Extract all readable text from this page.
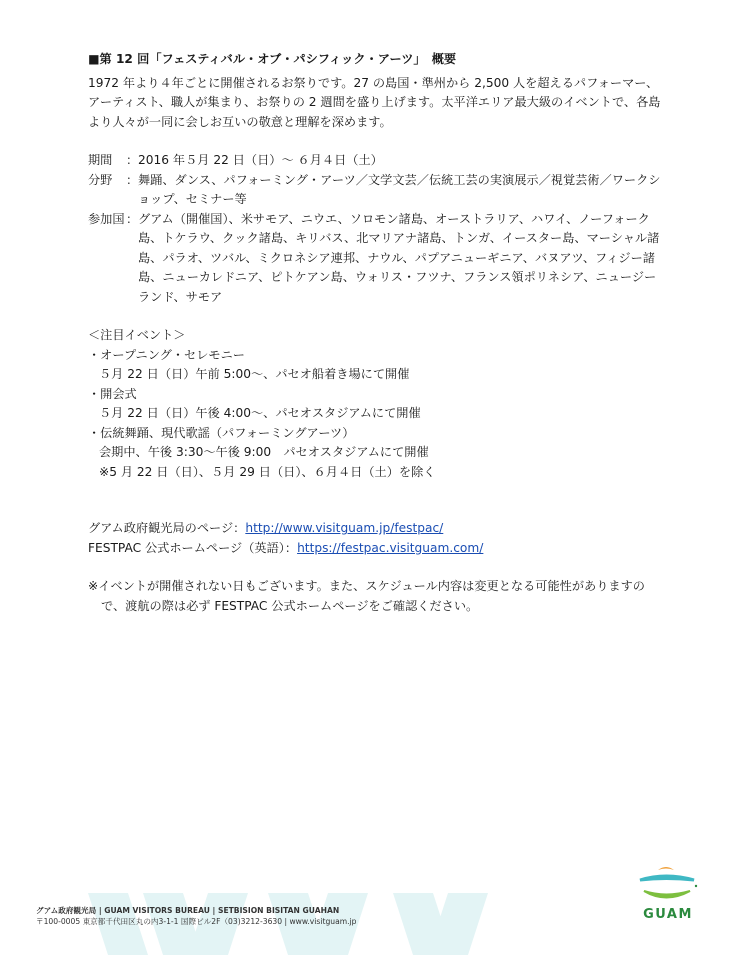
■第 12 回「フェスティバル・オブ・パシフィック・アーツ」　概要

1972 年より４年ごとに開催されるお祭りです。27 の島国・準州から 2,500 人を超えるパフォーマー、アーティスト、職人が集まり、お祭りの 2 週間を盛り上げます。太平洋エリア最大級のイベントで、各島より人々が一同に会しお互いの敬意と理解を深めます。

期間	： 2016 年５月 22 日（日）～ ６月４日（土）
分野	： 舞踊、ダンス、パフォーミング・アーツ／文学文芸／伝統工芸の実演展示／視覚芸術／ワークショップ、セミナー等
参加国 ： グアム（開催国）、米サモア、ニウエ、ソロモン諸島、オーストラリア、ハワイ、ノーフォーク島、トケラウ、クック諸島、キリバス、北マリアナ諸島、トンガ、イースター島、マーシャル諸島、パラオ、ツバル、ミクロネシア連邦、ナウル、パプアニューギニア、バヌアツ、フィジー諸島、ニューカレドニア、ピトケアン島、ウォリス・フツナ、フランス領ポリネシア、ニュージーランド、サモア
＜注目イベント＞
・オープニング・セレモニー
５月 22 日（日）午前 5:00～、パセオ船着き場にて開催
・開会式
５月 22 日（日）午後 4:00～、パセオスタジアムにて開催
・伝統舞踊、現代歌謡（パフォーミングアーツ）
会期中、午後 3:30～午後 9:00　パセオスタジアムにて開催
※5 月 22 日（日）、５月 29 日（日）、６月４日（土）を除く
グアム政府観光局のページ：http://www.visitguam.jp/festpac/
FESTPAC 公式ホームページ（英語）：https://festpac.visitguam.com/
※イベントが開催されない日もございます。また、スケジュール内容は変更となる可能性がありますので、渡航の際は必ず FESTPAC 公式ホームページをご確認ください。
グアム政府観光局 | GUAM VISITORS BUREAU | SETBISION BISITAN GUAHAN
〒100-0005 東京都千代田区丸の内3-1-1 国際ビル2F（03)3212-3630 | www.visitguam.jp	GUAM
